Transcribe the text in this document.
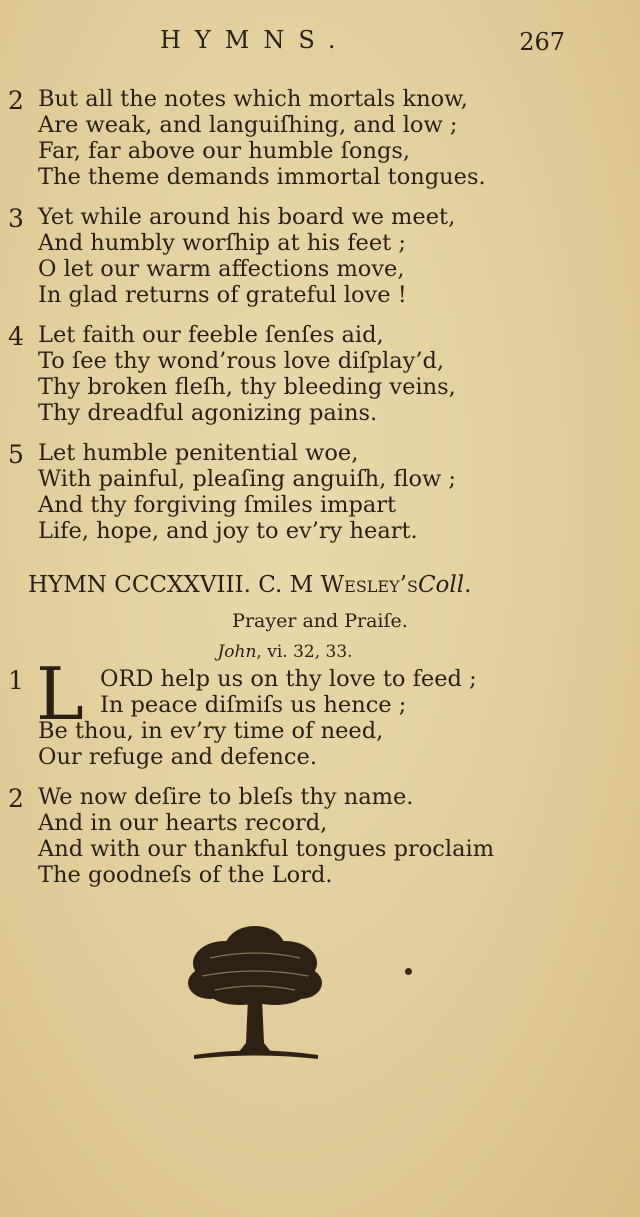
HYMNS.	267
2 But all the notes which mortals know,
Are weak, and languiſhing, and low ;
Far, far above our humble ſongs,
The theme demands immortal tongues.
3 Yet while around his board we meet,
And humbly worſhip at his feet ;
O let our warm affections move,
In glad returns of grateful love !
4 Let faith our feeble ſenſes aid,
To ſee thy wond’rous love diſplay’d,
Thy broken fleſh, thy bleeding veins,
Thy dreadful agonizing pains.
5 Let humble penitential woe,
With painful, pleaſing anguiſh, flow ;
And thy forgiving ſmiles impart
Life, hope, and joy to ev’ry heart.
HYMN CCCXXVIII. C. M Wesley’sColl.
Prayer and Praiſe.
John, vi. 32, 33.
1	ORD help us on thy love to feed ;
In peace diſmiſs us hence ;
Be thou, in ev’ry time of need,
Our refuge and defence.
L
2 We now deſire to bleſs thy name.
And in our hearts record,
And with our thankful tongues proclaim
The goodneſs of the Lord.
